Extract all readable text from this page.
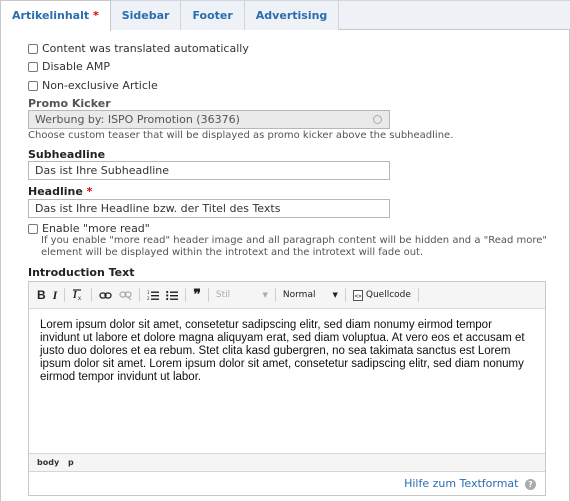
Artikelinhalt *	Sidebar	Footer	Advertising
Content was translated automatically
Disable AMP
Non-exclusive Article
Promo Kicker
Werbung by: ISPO Promotion (36376)
Choose custom teaser that will be displayed as promo kicker above the subheadline.
Subheadline
Das ist Ihre Subheadline
Headline *
Das ist Ihre Headline bzw. der Titel des Texts
Enable "more read"
If you enable "more read" header image and all paragraph content will be hidden and a "Read more" element will be displayed within the introtext and the introtext will fade out.
Introduction Text
B I I x
1
2	❞ Stil	▼ Normal ▼	<> Quellcode
Lorem ipsum dolor sit amet, consetetur sadipscing elitr, sed diam nonumy eirmod tempor invidunt ut labore et dolore magna aliquyam erat, sed diam voluptua. At vero eos et accusam et justo duo dolores et ea rebum. Stet clita kasd gubergren, no sea takimata sanctus est Lorem ipsum dolor sit amet. Lorem ipsum dolor sit amet, consetetur sadipscing elitr, sed diam nonumy eirmod tempor invidunt ut labor.
body p
Hilfe zum Textformat ?
